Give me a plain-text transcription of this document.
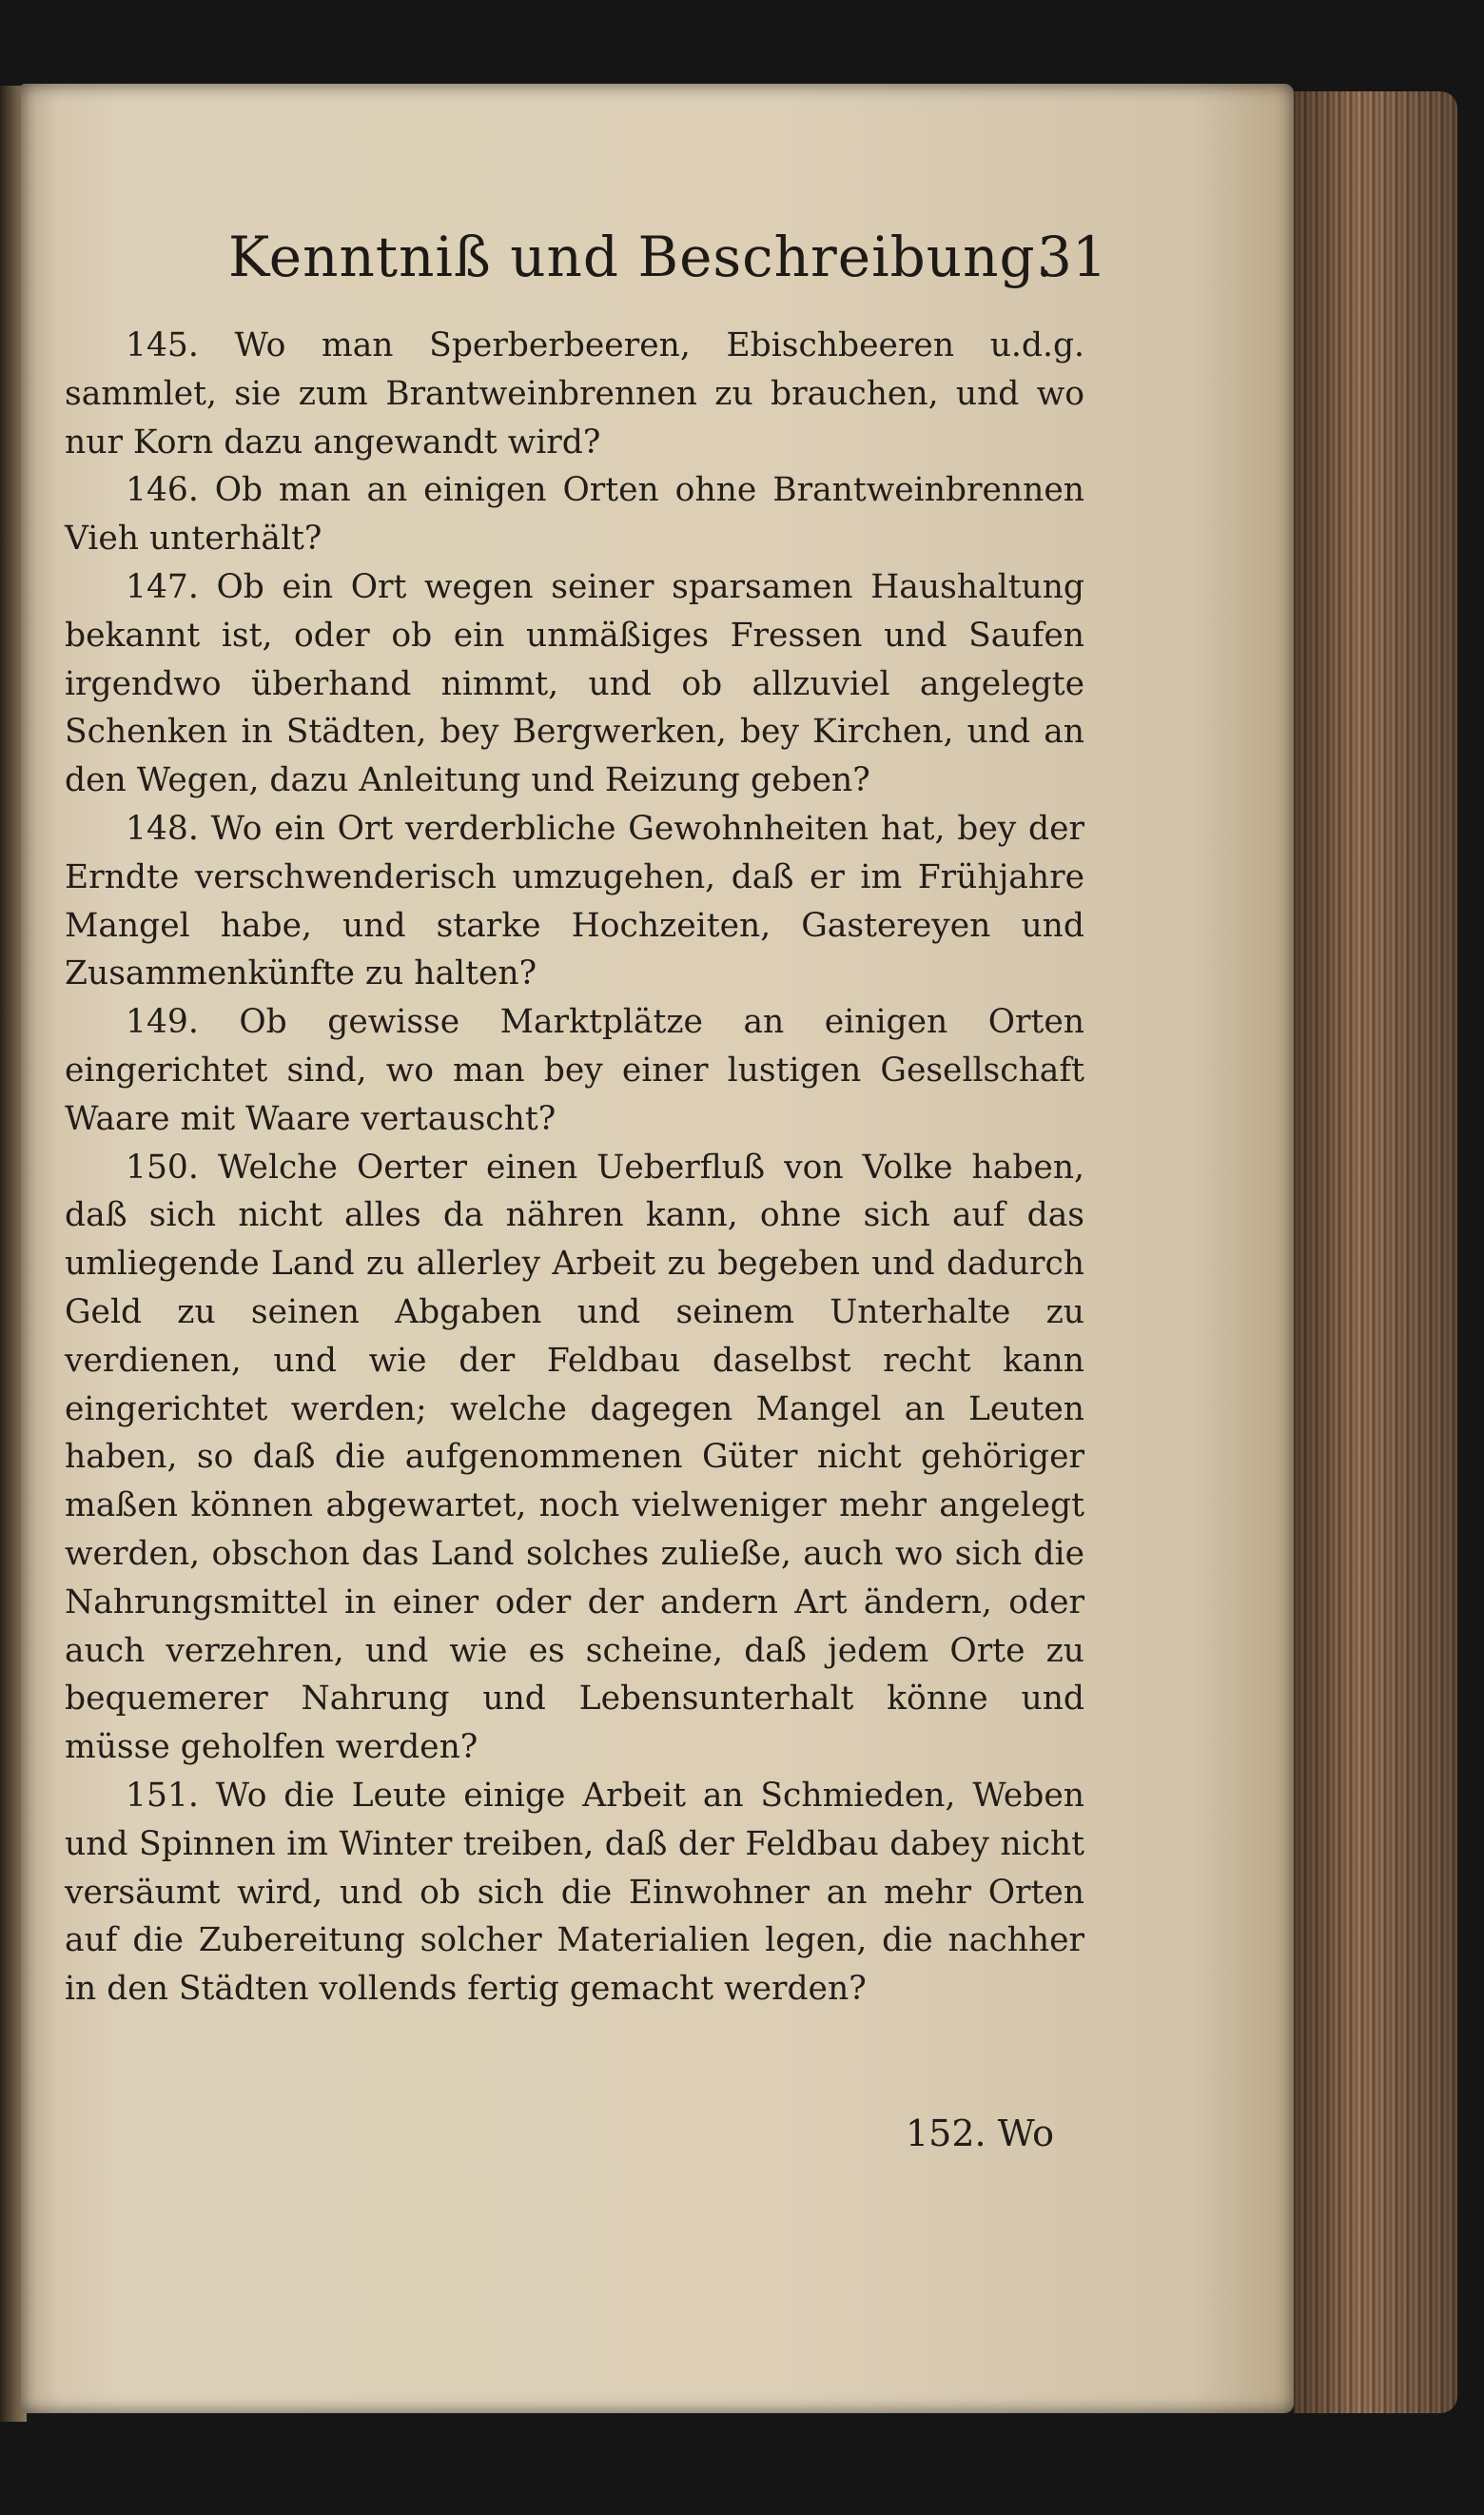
Kenntniß und Beschreibung.
31

145. Wo man Sperberbeeren, Ebischbeeren u.d.g. sammlet, sie zum Brantweinbrennen zu brauchen, und wo nur Korn dazu angewandt wird?

146. Ob man an einigen Orten ohne Brantweinbrennen Vieh unterhält?

147. Ob ein Ort wegen seiner sparsamen Haushaltung bekannt ist, oder ob ein unmäßiges Fressen und Saufen irgendwo überhand nimmt, und ob allzuviel angelegte Schenken in Städten, bey Bergwerken, bey Kirchen, und an den Wegen, dazu Anleitung und Reizung geben?

148. Wo ein Ort verderbliche Gewohnheiten hat, bey der Erndte verschwenderisch umzugehen, daß er im Frühjahre Mangel habe, und starke Hochzeiten, Gastereyen und Zusammenkünfte zu halten?

149. Ob gewisse Marktplätze an einigen Orten eingerichtet sind, wo man bey einer lustigen Gesellschaft Waare mit Waare vertauscht?

150. Welche Oerter einen Ueberfluß von Volke haben, daß sich nicht alles da nähren kann, ohne sich auf das umliegende Land zu allerley Arbeit zu begeben und dadurch Geld zu seinen Abgaben und seinem Unterhalte zu verdienen, und wie der Feldbau daselbst recht kann eingerichtet werden; welche dagegen Mangel an Leuten haben, so daß die aufgenommenen Güter nicht gehöriger maßen können abgewartet, noch vielweniger mehr angelegt werden, obschon das Land solches zuließe, auch wo sich die Nahrungsmittel in einer oder der andern Art ändern, oder auch verzehren, und wie es scheine, daß jedem Orte zu bequemerer Nahrung und Lebensunterhalt könne und müsse geholfen werden?

151. Wo die Leute einige Arbeit an Schmieden, Weben und Spinnen im Winter treiben, daß der Feldbau dabey nicht versäumt wird, und ob sich die Einwohner an mehr Orten auf die Zubereitung solcher Materialien legen, die nachher in den Städten vollends fertig gemacht werden?

152. Wo
